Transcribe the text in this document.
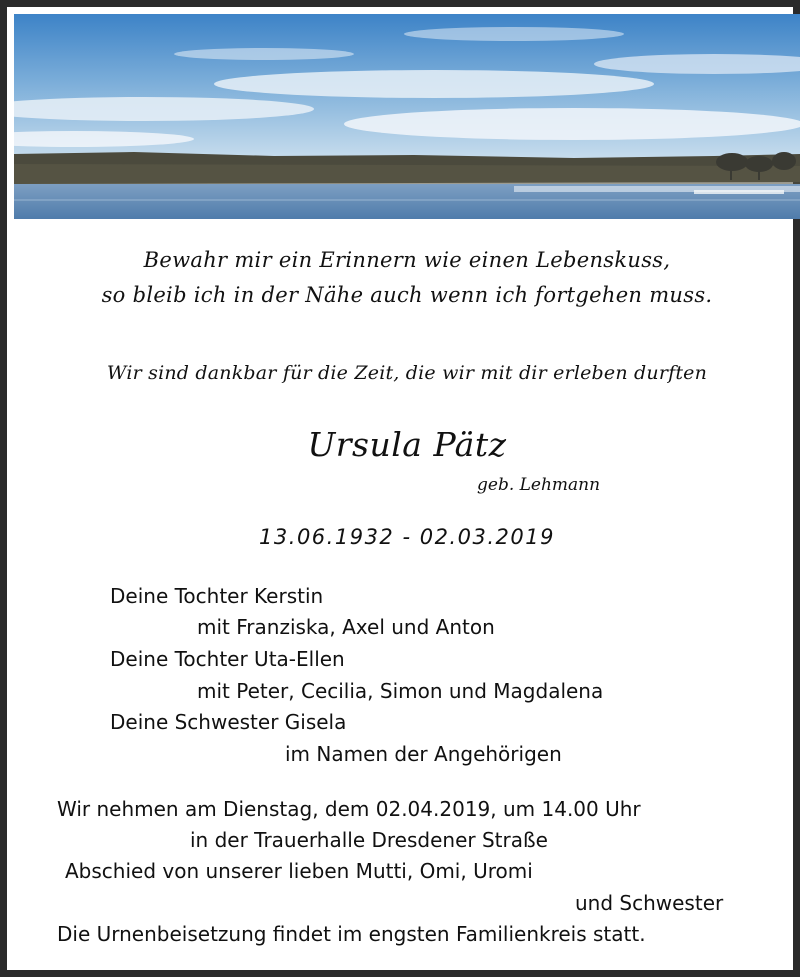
Bewahr mir ein Erinnern wie einen Lebenskuss,
so bleib ich in der Nähe auch wenn ich fortgehen muss.
Wir sind dankbar für die Zeit, die wir mit dir erleben durften
Ursula Pätz
geb. Lehmann
13.06.1932 - 02.03.2019
Deine Tochter Kerstin
mit Franziska, Axel und Anton
Deine Tochter Uta-Ellen
mit Peter, Cecilia, Simon und Magdalena
Deine Schwester Gisela
im Namen der Angehörigen
Wir nehmen am Dienstag, dem 02.04.2019, um 14.00 Uhr
in der Trauerhalle Dresdener Straße
Abschied von unserer lieben Mutti, Omi, Uromi
und Schwester
Die Urnenbeisetzung findet im engsten Familienkreis statt.
